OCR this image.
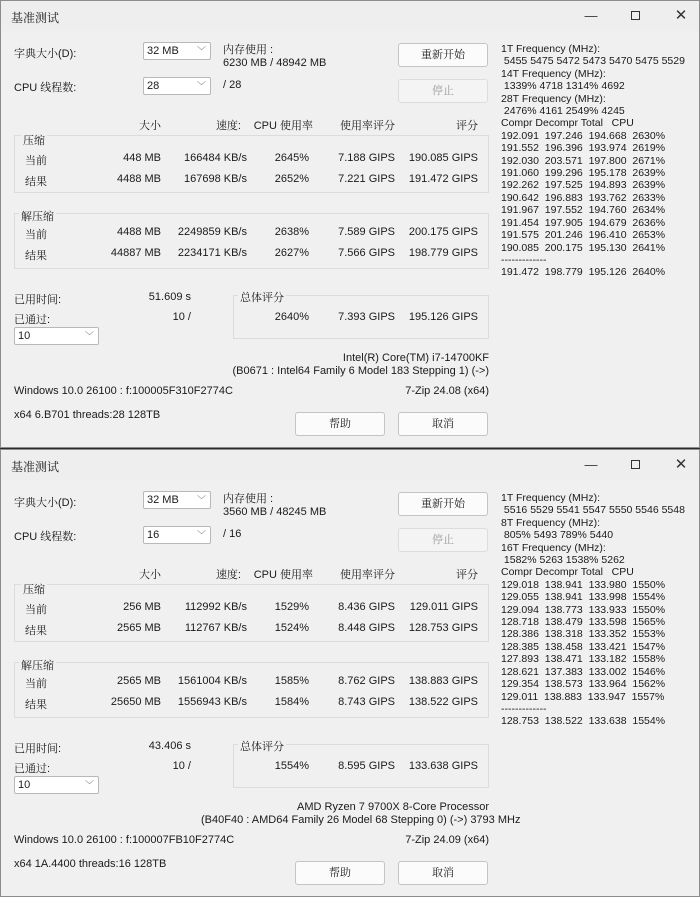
基准测试	—	✕
字典大小(D):	32 MB ﹀ 内存使用 :
6230 MB / 48942 MB
重新开始
CPU 线程数:	28	﹀ / 28	停止
大小	速度:	CPU 使用率	使用率评分	评分
压缩
当前	448 MB	166484 KB/s	2645%	7.188 GIPS	190.085 GIPS
结果	4488 MB	167698 KB/s	2652%	7.221 GIPS	191.472 GIPS
解压缩
当前	4488 MB	2249859 KB/s	2638%	7.589 GIPS	200.175 GIPS
结果	44887 MB	2234171 KB/s	2627%	7.566 GIPS	198.779 GIPS
已用时间:	51.609 s
已通过:	10 /
10	﹀
总体评分
2640%	7.393 GIPS	195.126 GIPS
Intel(R) Core(TM) i7-14700KF
(B0671 : Intel64 Family 6 Model 183 Stepping 1) (->)
Windows 10.0 26100 : f:100005F310F2774C	7-Zip 24.08 (x64)
x64 6.B701 threads:28 128TB
帮助	取消
1T Frequency (MHz):
5455 5475 5472 5473 5470 5475 5529
14T Frequency (MHz):
1339% 4718 1314% 4692
28T Frequency (MHz):
2476% 4161 2549% 4245
Compr Decompr Total   CPU
192.091  197.246  194.668  2630%
191.552  196.396  193.974  2619%
192.030  203.571  197.800  2671%
191.060  199.296  195.178  2639%
192.262  197.525  194.893  2639%
190.642  196.883  193.762  2633%
191.967  197.552  194.760  2634%
191.454  197.905  194.679  2636%
191.575  201.246  196.410  2653%
190.085  200.175  195.130  2641%
-------------
191.472  198.779  195.126  2640%
基准测试	—	✕
字典大小(D):	32 MB ﹀ 内存使用 :
3560 MB / 48245 MB
重新开始
CPU 线程数:	16	﹀ / 16	停止
大小	速度:	CPU 使用率	使用率评分	评分
压缩
当前	256 MB	112992 KB/s	1529%	8.436 GIPS	129.011 GIPS
结果	2565 MB	112767 KB/s	1524%	8.448 GIPS	128.753 GIPS
解压缩
当前	2565 MB	1561004 KB/s	1585%	8.762 GIPS	138.883 GIPS
结果	25650 MB	1556943 KB/s	1584%	8.743 GIPS	138.522 GIPS
已用时间:	43.406 s
已通过:	10 /
10	﹀
总体评分
1554%	8.595 GIPS	133.638 GIPS
AMD Ryzen 7 9700X 8-Core Processor
(B40F40 : AMD64 Family 26 Model 68 Stepping 0) (->) 3793 MHz
Windows 10.0 26100 : f:100007FB10F2774C	7-Zip 24.09 (x64)
x64 1A.4400 threads:16 128TB
帮助	取消
1T Frequency (MHz):
5516 5529 5541 5547 5550 5546 5548
8T Frequency (MHz):
805% 5493 789% 5440
16T Frequency (MHz):
1582% 5263 1538% 5262
Compr Decompr Total   CPU
129.018  138.941  133.980  1550%
129.055  138.941  133.998  1554%
129.094  138.773  133.933  1550%
128.718  138.479  133.598  1565%
128.386  138.318  133.352  1553%
128.385  138.458  133.421  1547%
127.893  138.471  133.182  1558%
128.621  137.383  133.002  1546%
129.354  138.573  133.964  1562%
129.011  138.883  133.947  1557%
-------------
128.753  138.522  133.638  1554%
